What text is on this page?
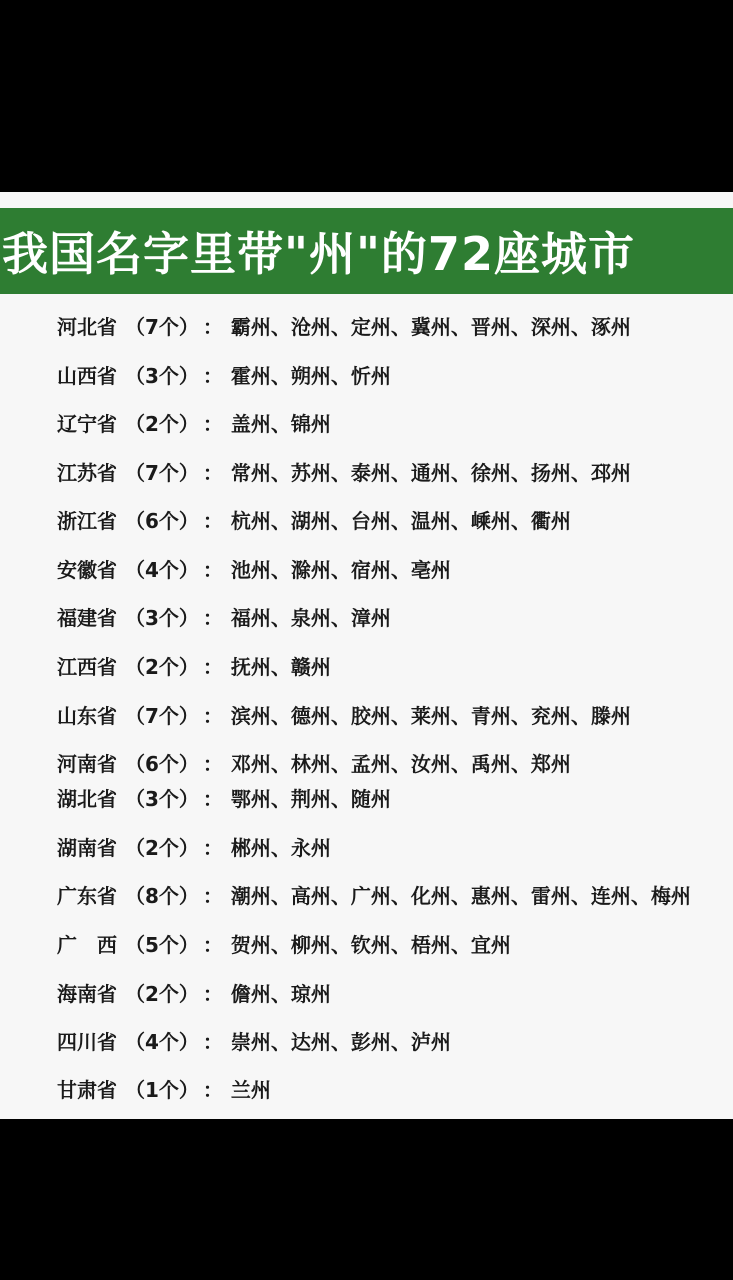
我国名字里带"州"的72座城市
河北省 （7个） ： 霸州、沧州、定州、冀州、晋州、深州、涿州
山西省 （3个） ： 霍州、朔州、忻州
辽宁省 （2个） ： 盖州、锦州
江苏省 （7个） ： 常州、苏州、泰州、通州、徐州、扬州、邳州
浙江省 （6个） ： 杭州、湖州、台州、温州、嵊州、衢州
安徽省 （4个） ： 池州、滁州、宿州、亳州
福建省 （3个） ： 福州、泉州、漳州
江西省 （2个） ： 抚州、赣州
山东省 （7个） ： 滨州、德州、胶州、莱州、青州、兖州、滕州
河南省 （6个） ： 邓州、林州、孟州、汝州、禹州、郑州
湖北省 （3个） ： 鄂州、荆州、随州
湖南省 （2个） ： 郴州、永州
广东省 （8个） ： 潮州、高州、广州、化州、惠州、雷州、连州、梅州
广　西 （5个） ： 贺州、柳州、钦州、梧州、宜州
海南省 （2个） ： 儋州、琼州
四川省 （4个） ： 崇州、达州、彭州、泸州
甘肃省 （1个） ： 兰州
